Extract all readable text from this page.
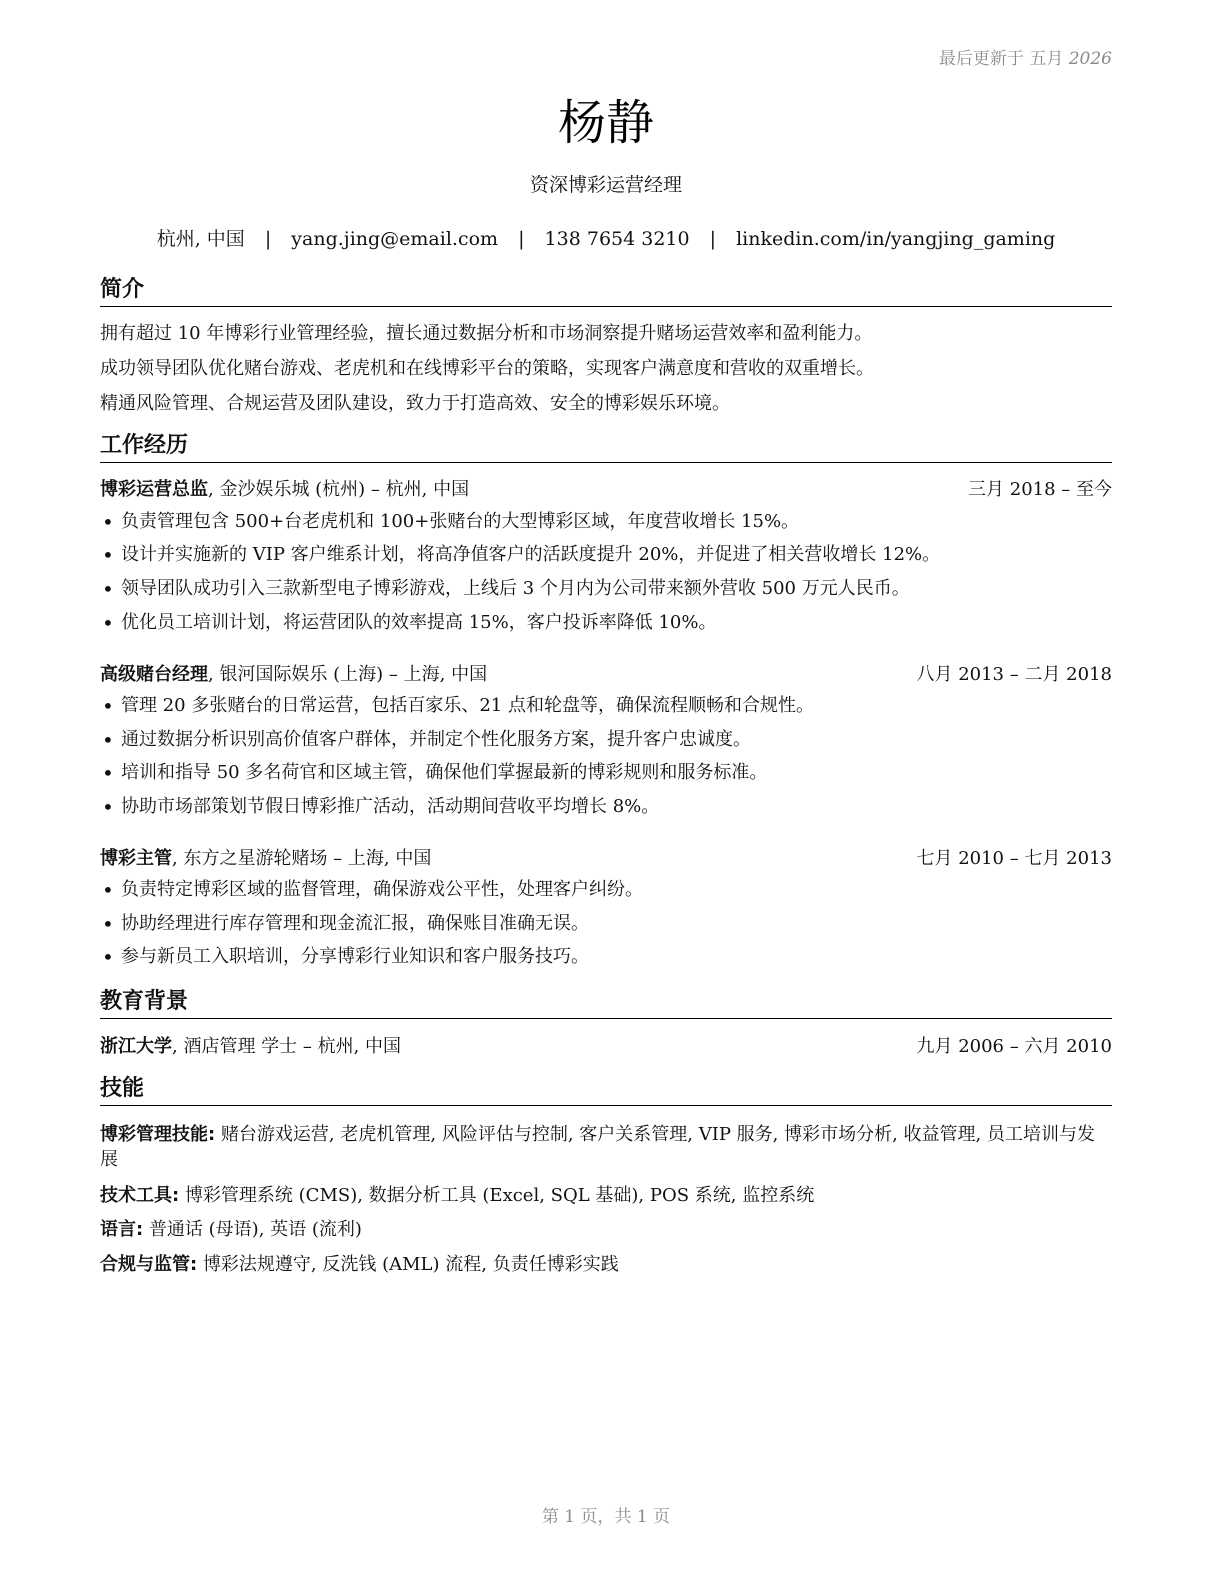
最后更新于 五月 2026
杨静
资深博彩运营经理
杭州, 中国 | yang.jing@email.com | 138 7654 3210 | linkedin.com/in/yangjing_gaming
简介
拥有超过 10 年博彩行业管理经验，擅长通过数据分析和市场洞察提升赌场运营效率和盈利能力。
成功领导团队优化赌台游戏、老虎机和在线博彩平台的策略，实现客户满意度和营收的双重增长。
精通风险管理、合规运营及团队建设，致力于打造高效、安全的博彩娱乐环境。
工作经历
博彩运营总监, 金沙娱乐城 (杭州) – 杭州, 中国	三月 2018 – 至今
• 负责管理包含 500+台老虎机和 100+张赌台的大型博彩区域，年度营收增长 15%。
• 设计并实施新的 VIP 客户维系计划，将高净值客户的活跃度提升 20%，并促进了相关营收增长 12%。
• 领导团队成功引入三款新型电子博彩游戏，上线后 3 个月内为公司带来额外营收 500 万元人民币。
• 优化员工培训计划，将运营团队的效率提高 15%，客户投诉率降低 10%。
高级赌台经理, 银河国际娱乐 (上海) – 上海, 中国	八月 2013 – 二月 2018
• 管理 20 多张赌台的日常运营，包括百家乐、21 点和轮盘等，确保流程顺畅和合规性。
• 通过数据分析识别高价值客户群体，并制定个性化服务方案，提升客户忠诚度。
• 培训和指导 50 多名荷官和区域主管，确保他们掌握最新的博彩规则和服务标准。
• 协助市场部策划节假日博彩推广活动，活动期间营收平均增长 8%。
博彩主管, 东方之星游轮赌场 – 上海, 中国	七月 2010 – 七月 2013
• 负责特定博彩区域的监督管理，确保游戏公平性，处理客户纠纷。
• 协助经理进行库存管理和现金流汇报，确保账目准确无误。
• 参与新员工入职培训，分享博彩行业知识和客户服务技巧。
教育背景
浙江大学, 酒店管理 学士 – 杭州, 中国	九月 2006 – 六月 2010
技能
博彩管理技能: 赌台游戏运营, 老虎机管理, 风险评估与控制, 客户关系管理, VIP 服务, 博彩市场分析, 收益管理, 员工培训与发展
技术工具: 博彩管理系统 (CMS), 数据分析工具 (Excel, SQL 基础), POS 系统, 监控系统
语言: 普通话 (母语), 英语 (流利)
合规与监管: 博彩法规遵守, 反洗钱 (AML) 流程, 负责任博彩实践
第 1 页，共 1 页
